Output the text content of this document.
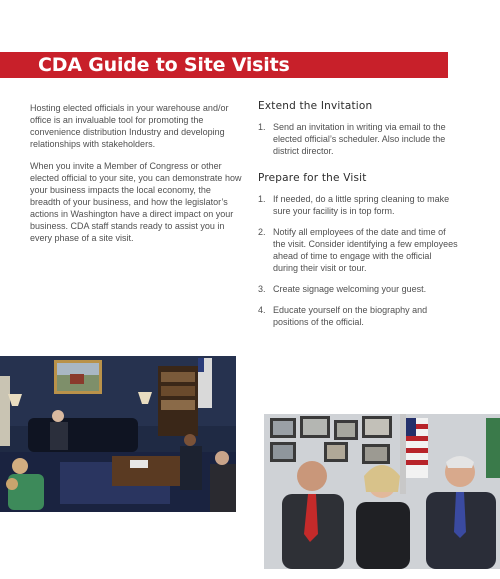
CDA Guide to Site Visits

Hosting elected officials in your warehouse and/or office is an invaluable tool for promoting the convenience distribution Industry and developing relationships with stakeholders.

When you invite a Member of Congress or other elected official to your site, you can demonstrate how your business impacts the local economy, the breadth of your business, and how the legislator’s actions in Washington have a direct impact on your business. CDA staff stands ready to assist you in every phase of a site visit.

Extend the Invitation
1. Send an invitation in writing via email to the elected official’s scheduler. Also include the district director.
Prepare for the Visit
1. If needed, do a little spring cleaning to make sure your facility is in top form.
2. Notify all employees of the date and time of the visit. Consider identifying a few employees ahead of time to engage with the official during their visit or tour.
3. Create signage welcoming your guest.
4. Educate yourself on the biography and positions of the official.
